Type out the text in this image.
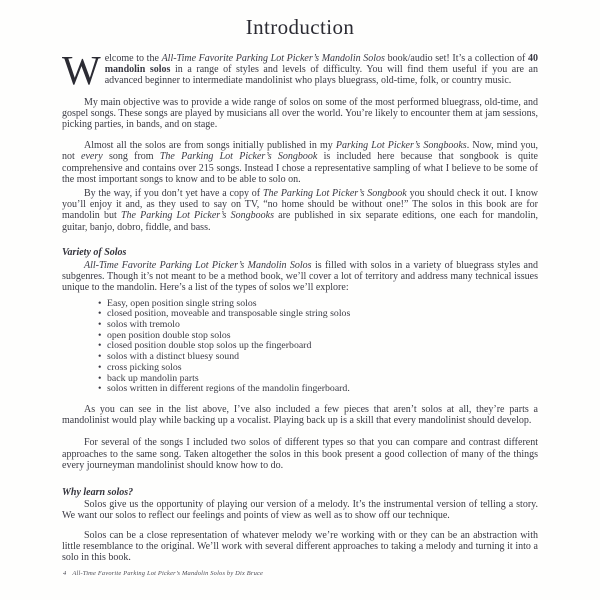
Introduction

Welcome to the All-Time Favorite Parking Lot Picker’s Mandolin Solos book/audio set! It’s a collection of 40 mandolin solos in a range of styles and levels of difficulty. You will find them useful if you are an advanced beginner to intermediate mandolinist who plays bluegrass, old-time, folk, or country music.

My main objective was to provide a wide range of solos on some of the most performed bluegrass, old-time, and gospel songs. These songs are played by musicians all over the world. You’re likely to encounter them at jam sessions, picking parties, in bands, and on stage.

Almost all the solos are from songs initially published in my Parking Lot Picker’s Songbooks. Now, mind you, not every song from The Parking Lot Picker’s Songbook is included here because that songbook is quite comprehensive and contains over 215 songs. Instead I chose a representative sampling of what I believe to be some of the most important songs to know and to be able to solo on.

By the way, if you don’t yet have a copy of The Parking Lot Picker’s Songbook you should check it out. I know you’ll enjoy it and, as they used to say on TV, “no home should be without one!” The solos in this book are for mandolin but The Parking Lot Picker’s Songbooks are published in six separate editions, one each for mandolin, guitar, banjo, dobro, fiddle, and bass.

Variety of Solos

All-Time Favorite Parking Lot Picker’s Mandolin Solos is filled with solos in a variety of bluegrass styles and subgenres. Though it’s not meant to be a method book, we’ll cover a lot of territory and address many technical issues unique to the mandolin. Here’s a list of the types of solos we’ll explore:

• Easy, open position single string solos
• closed position, moveable and transposable single string solos
• solos with tremolo
• open position double stop solos
• closed position double stop solos up the fingerboard
• solos with a distinct bluesy sound
• cross picking solos
• back up mandolin parts
• solos written in different regions of the mandolin fingerboard.

As you can see in the list above, I’ve also included a few pieces that aren’t solos at all, they’re parts a mandolinist would play while backing up a vocalist. Playing back up is a skill that every mandolinist should develop.

For several of the songs I included two solos of different types so that you can compare and contrast different approaches to the same song. Taken altogether the solos in this book present a good collection of many of the things every journeyman mandolinist should know how to do.

Why learn solos?

Solos give us the opportunity of playing our version of a melody. It’s the instrumental version of telling a story. We want our solos to reflect our feelings and points of view as well as to show off our technique.

Solos can be a close representation of whatever melody we’re working with or they can be an abstraction with little resemblance to the original. We’ll work with several different approaches to taking a melody and turning it into a solo in this book.

4 All-Time Favorite Parking Lot Picker’s Mandolin Solos by Dix Bruce
